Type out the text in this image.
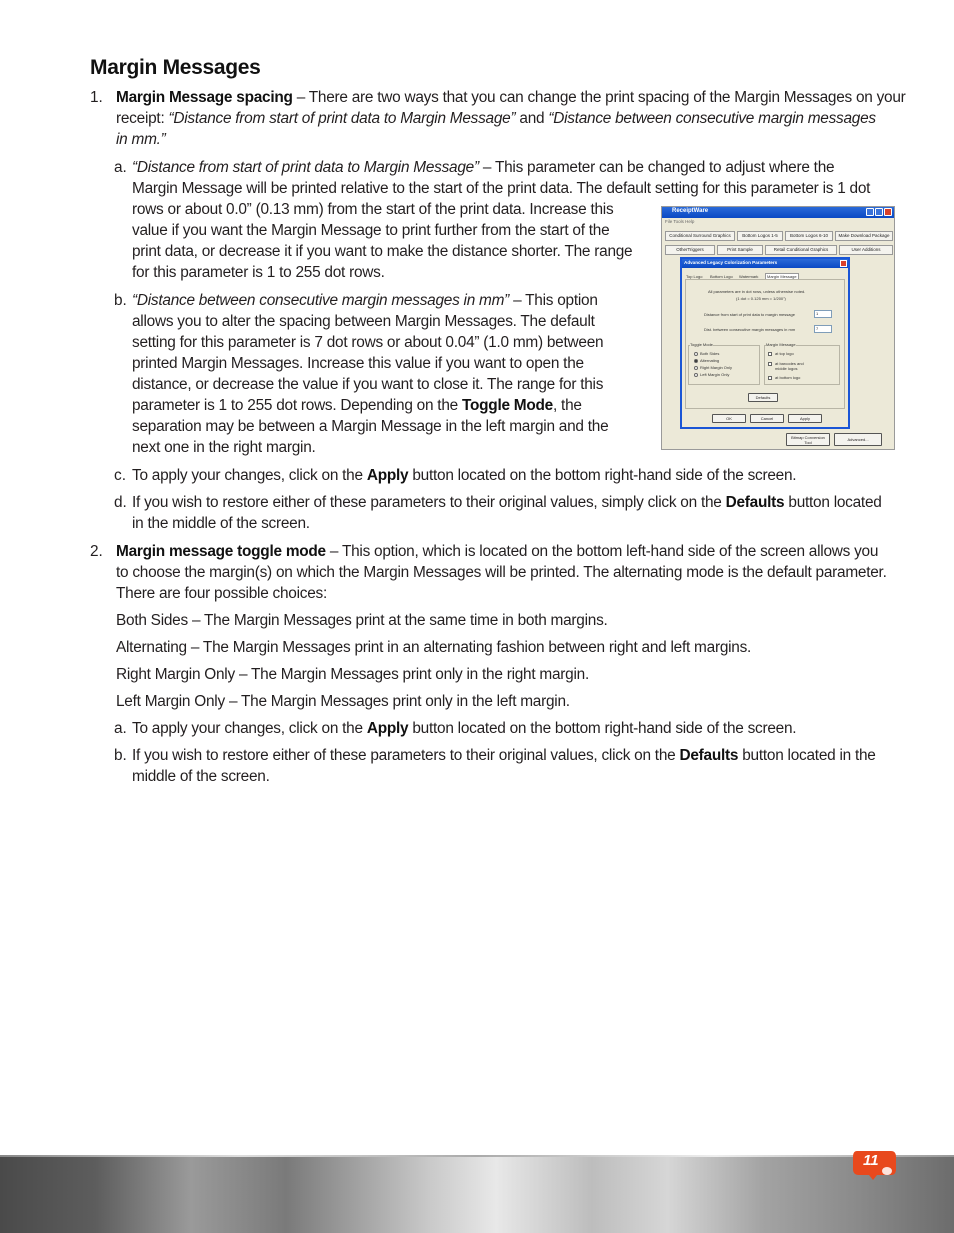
Margin Messages
1. Margin Message spacing – There are two ways that you can change the print spacing of the Margin Messages on your
receipt: “Distance from start of print data to Margin Message” and “Distance between consecutive margin messages
in mm.”
a. “Distance from start of print data to Margin Message” – This parameter can be changed to adjust where the
Margin Message will be printed relative to the start of the print data. The default setting for this parameter is 1 dot
rows or about 0.0” (0.13 mm) from the start of the print data. Increase this
value if you want the Margin Message to print further from the start of the
print data, or decrease it if you want to make the distance shorter. The range
for this parameter is 1 to 255 dot rows.
b. “Distance between consecutive margin messages in mm” – This option
allows you to alter the spacing between Margin Messages. The default
setting for this parameter is 7 dot rows or about 0.04” (1.0 mm) between
printed Margin Messages. Increase this value if you want to open the
distance, or decrease the value if you want to close it. The range for this
parameter is 1 to 255 dot rows. Depending on the Toggle Mode, the
separation may be between a Margin Message in the left margin and the
next one in the right margin.
c. To apply your changes, click on the Apply button located on the bottom right-hand side of the screen.
d. If you wish to restore either of these parameters to their original values, simply click on the Defaults button located
in the middle of the screen.
2. Margin message toggle mode – This option, which is located on the bottom left-hand side of the screen allows you
to choose the margin(s) on which the Margin Messages will be printed. The alternating mode is the default parameter.
There are four possible choices:
Both Sides – The Margin Messages print at the same time in both margins.
Alternating – The Margin Messages print in an alternating fashion between right and left margins.
Right Margin Only – The Margin Messages print only in the right margin.
Left Margin Only – The Margin Messages print only in the left margin.
a. To apply your changes, click on the Apply button located on the bottom right-hand side of the screen.
b. If you wish to restore either of these parameters to their original values, click on the Defaults button located in the
middle of the screen.
ReceiptWare
File Tools Help
Conditional Surround Graphics	Bottom Logos 1-5	Bottom Logos 6-10	Make Download Package
OtherTriggers	Print Sample	Retail Conditional Graphics	User Additions
Advanced Legacy Colorization Parameters
Top Logo Bottom Logo Watermark	Margin Message
All parameters are in dot rows, unless otherwise noted.
(1 dot = 0.125 mm = 1/200")
Distance from start of print data to margin message	1
Dist. between consecutive margin messages in mm	7
Toggle Mode
Both Sides
Alternating
Right Margin Only
Left Margin Only
Margin Message
at top logo
at barcodes and middle logos
at bottom logo
Defaults
OK	Cancel	Apply
Bitmap Conversion Tool
Advanced...
11
